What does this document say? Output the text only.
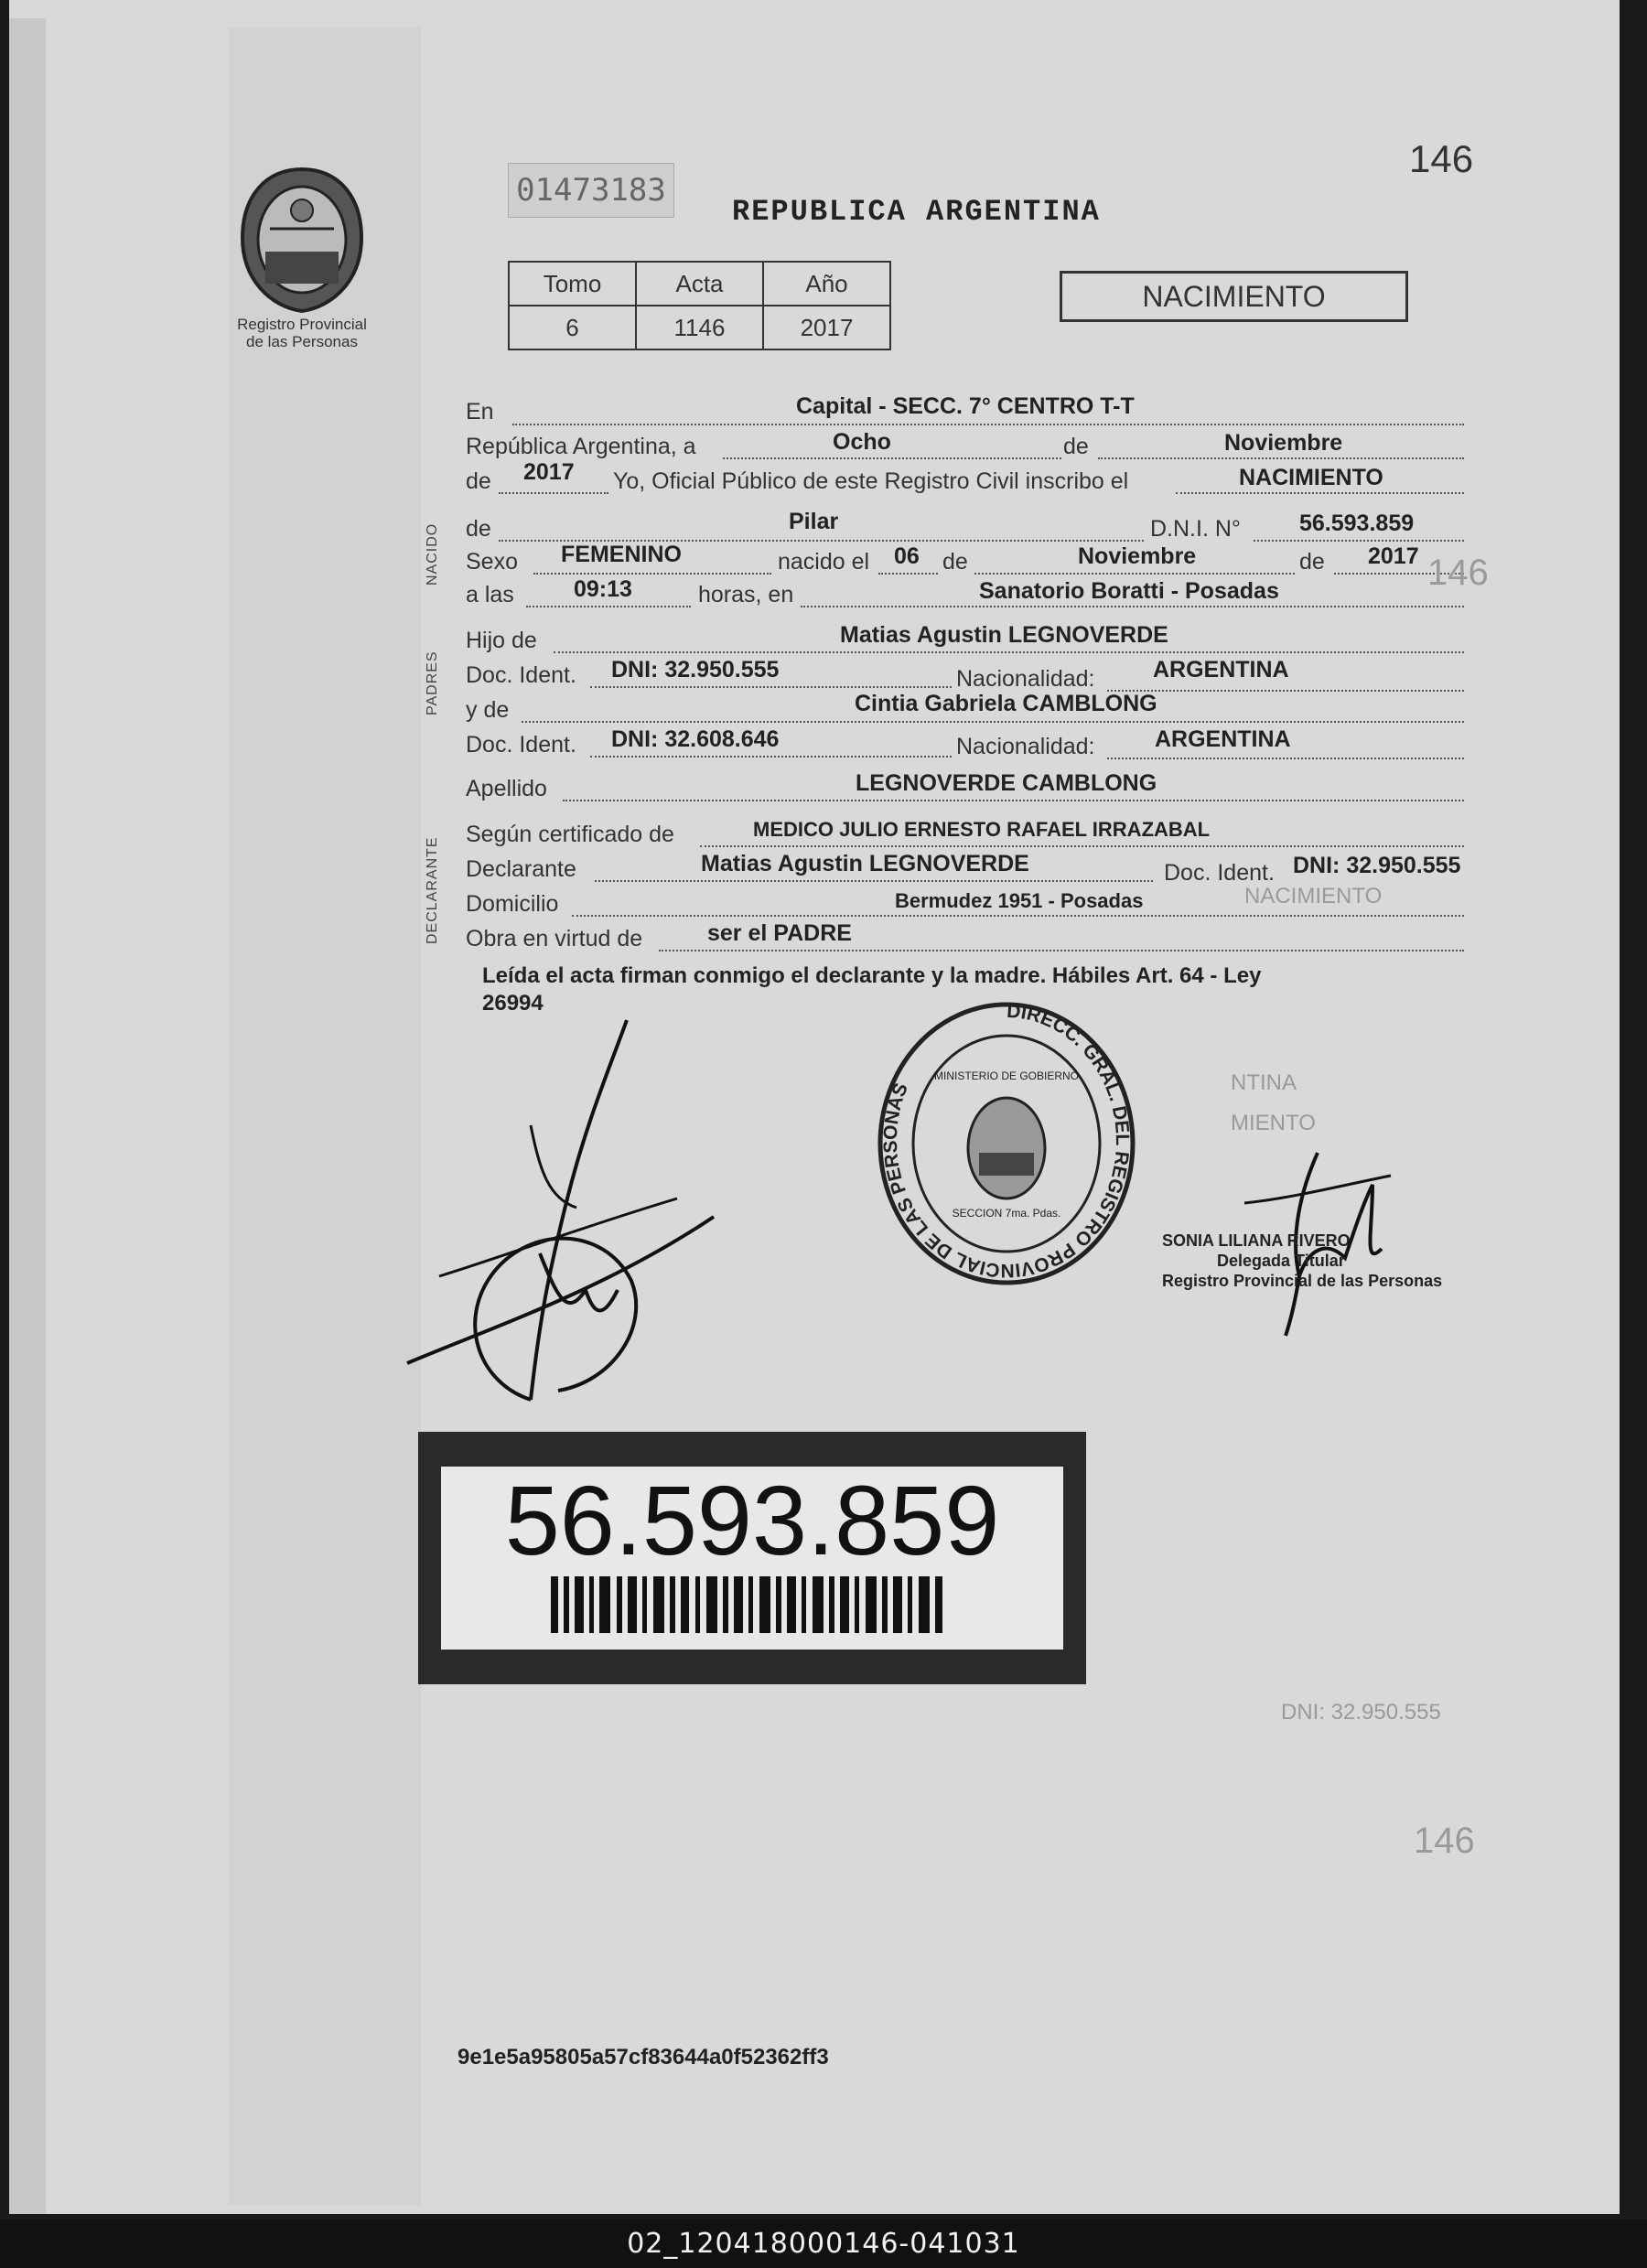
Registro Provincial
de las Personas
01473183
146
REPUBLICA ARGENTINA
Tomo	Acta	Año
6	1146	2017
NACIMIENTO
NACIDO
PADRES
DECLARANTE
En	Capital - SECC. 7° CENTRO T-T
República Argentina, a	Ocho	de	Noviembre
de 2017 Yo, Oficial Público de este Registro Civil inscribo el	NACIMIENTO
de	Pilar	D.N.I. N°	56.593.859
Sexo FEMENINO	nacido el 06 de	Noviembre	de 2017 146
a las	09:13	horas, en	Sanatorio Boratti - Posadas
Hijo de	Matias Agustin LEGNOVERDE
Doc. Ident. DNI: 32.950.555	Nacionalidad:	ARGENTINA
y de	Cintia Gabriela CAMBLONG
Doc. Ident. DNI: 32.608.646	Nacionalidad:	ARGENTINA
Apellido	LEGNOVERDE CAMBLONG
Según certificado de	MEDICO JULIO ERNESTO RAFAEL IRRAZABAL
Declarante	Matias Agustin LEGNOVERDE	Doc. Ident. DNI: 32.950.555
Domicilio	Bermudez 1951 - Posadas	NACIMIENTO
Obra en virtud de	ser el PADRE
Leída el acta firman conmigo el declarante y la madre. Hábiles Art. 64 - Ley
26994	DIRECC. GRAL. DEL REGISTRO PROVINCIAL DE LAS PERSONAS
MINISTERIO DE GOBIERNO
SECCION 7ma. Pdas.
SONIA LILIANA RIVERO
Delegada Titular
Registro Provincial de las Personas
NTINA
MIENTO
DNI: 32.950.555
146
56.593.859
9e1e5a95805a57cf83644a0f52362ff3
02_120418000146-041031
